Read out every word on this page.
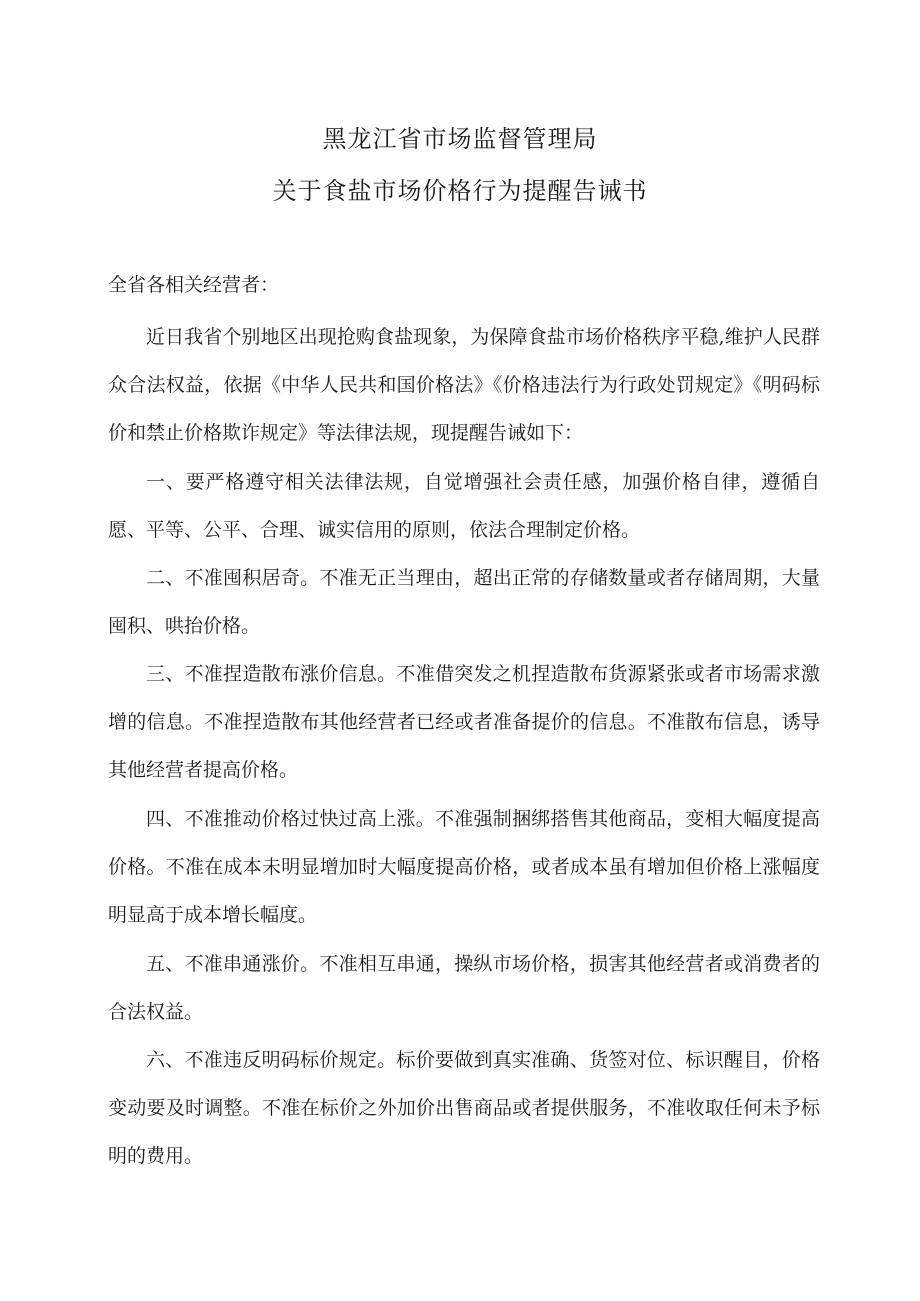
黑龙江省市场监督管理局
关于食盐市场价格行为提醒告诫书
全省各相关经营者：

近日我省个别地区出现抢购食盐现象，为保障食盐市场价格秩序平稳,维护人民群众合法权益，依据《中华人民共和国价格法》《价格违法行为行政处罚规定》《明码标价和禁止价格欺诈规定》等法律法规，现提醒告诫如下：

一、要严格遵守相关法律法规，自觉增强社会责任感，加强价格自律，遵循自愿、平等、公平、合理、诚实信用的原则，依法合理制定价格。

二、不准囤积居奇。不准无正当理由，超出正常的存储数量或者存储周期，大量囤积、哄抬价格。

三、不准捏造散布涨价信息。不准借突发之机捏造散布货源紧张或者市场需求激增的信息。不准捏造散布其他经营者已经或者准备提价的信息。不准散布信息，诱导其他经营者提高价格。

四、不准推动价格过快过高上涨。不准强制捆绑搭售其他商品，变相大幅度提高价格。不准在成本未明显增加时大幅度提高价格，或者成本虽有增加但价格上涨幅度明显高于成本增长幅度。

五、不准串通涨价。不准相互串通，操纵市场价格，损害其他经营者或消费者的合法权益。

六、不准违反明码标价规定。标价要做到真实准确、货签对位、标识醒目，价格变动要及时调整。不准在标价之外加价出售商品或者提供服务，不准收取任何未予标明的费用。
